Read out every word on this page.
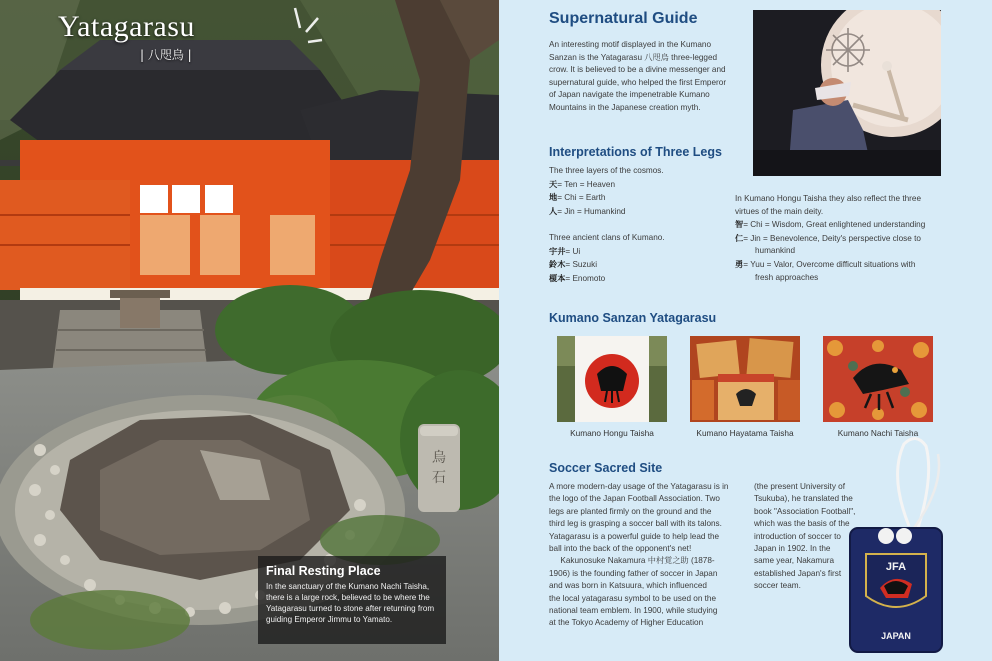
烏
石
Yatagarasu
| 八咫烏 |
Final Resting Place
In the sanctuary of the Kumano Nachi Taisha, there is a large rock, believed to be where the Yatagarasu turned to stone after returning from guiding Emperor Jimmu to Yamato.
Supernatural Guide

An interesting motif displayed in the Kumano

Sanzan is the Yatagarasu 八咫烏 three-legged

crow. It is believed to be a divine messenger and

supernatural guide, who helped the first Emperor

of Japan navigate the impenetrable Kumano

Mountains in the Japanese creation myth.

Interpretations of Three Legs

The three layers of the cosmos.

天= Ten = Heaven

地= Chi = Earth

人= Jin = Humankind

Three ancient clans of Kumano.

宇井= Ui

鈴木= Suzuki

榎本= Enomoto

In Kumano Hongu Taisha they also reflect the three

virtues of the main deity.

智= Chi = Wisdom, Great enlightened understanding

仁= Jin = Benevolence, Deity's perspective close to

humankind

勇= Yuu = Valor, Overcome difficult situations with

fresh approaches

Kumano Sanzan Yatagarasu
Kumano Hongu Taisha	Kumano Hayatama Taisha	Kumano Nachi Taisha
Soccer Sacred Site

A more modern-day usage of the Yatagarasu is in

the logo of the Japan Football Association. Two

legs are planted firmly on the ground and the

third leg is grasping a soccer ball with its talons.

Yatagarasu is a powerful guide to help lead the

ball into the back of the opponent's net!

Kakunosuke Nakamura 中村覚之助 (1878-

1906) is the founding father of soccer in Japan

and was born in Katsuura, which influenced

the local yatagarasu symbol to be used on the

national team emblem. In 1900, while studying

at the Tokyo Academy of Higher Education

(the present University of

Tsukuba), he translated the

book "Association Football",

which was the basis of the

introduction of soccer to

Japan in 1902. In the

same year, Nakamura

established Japan's first

soccer team.

JFA
JAPAN
